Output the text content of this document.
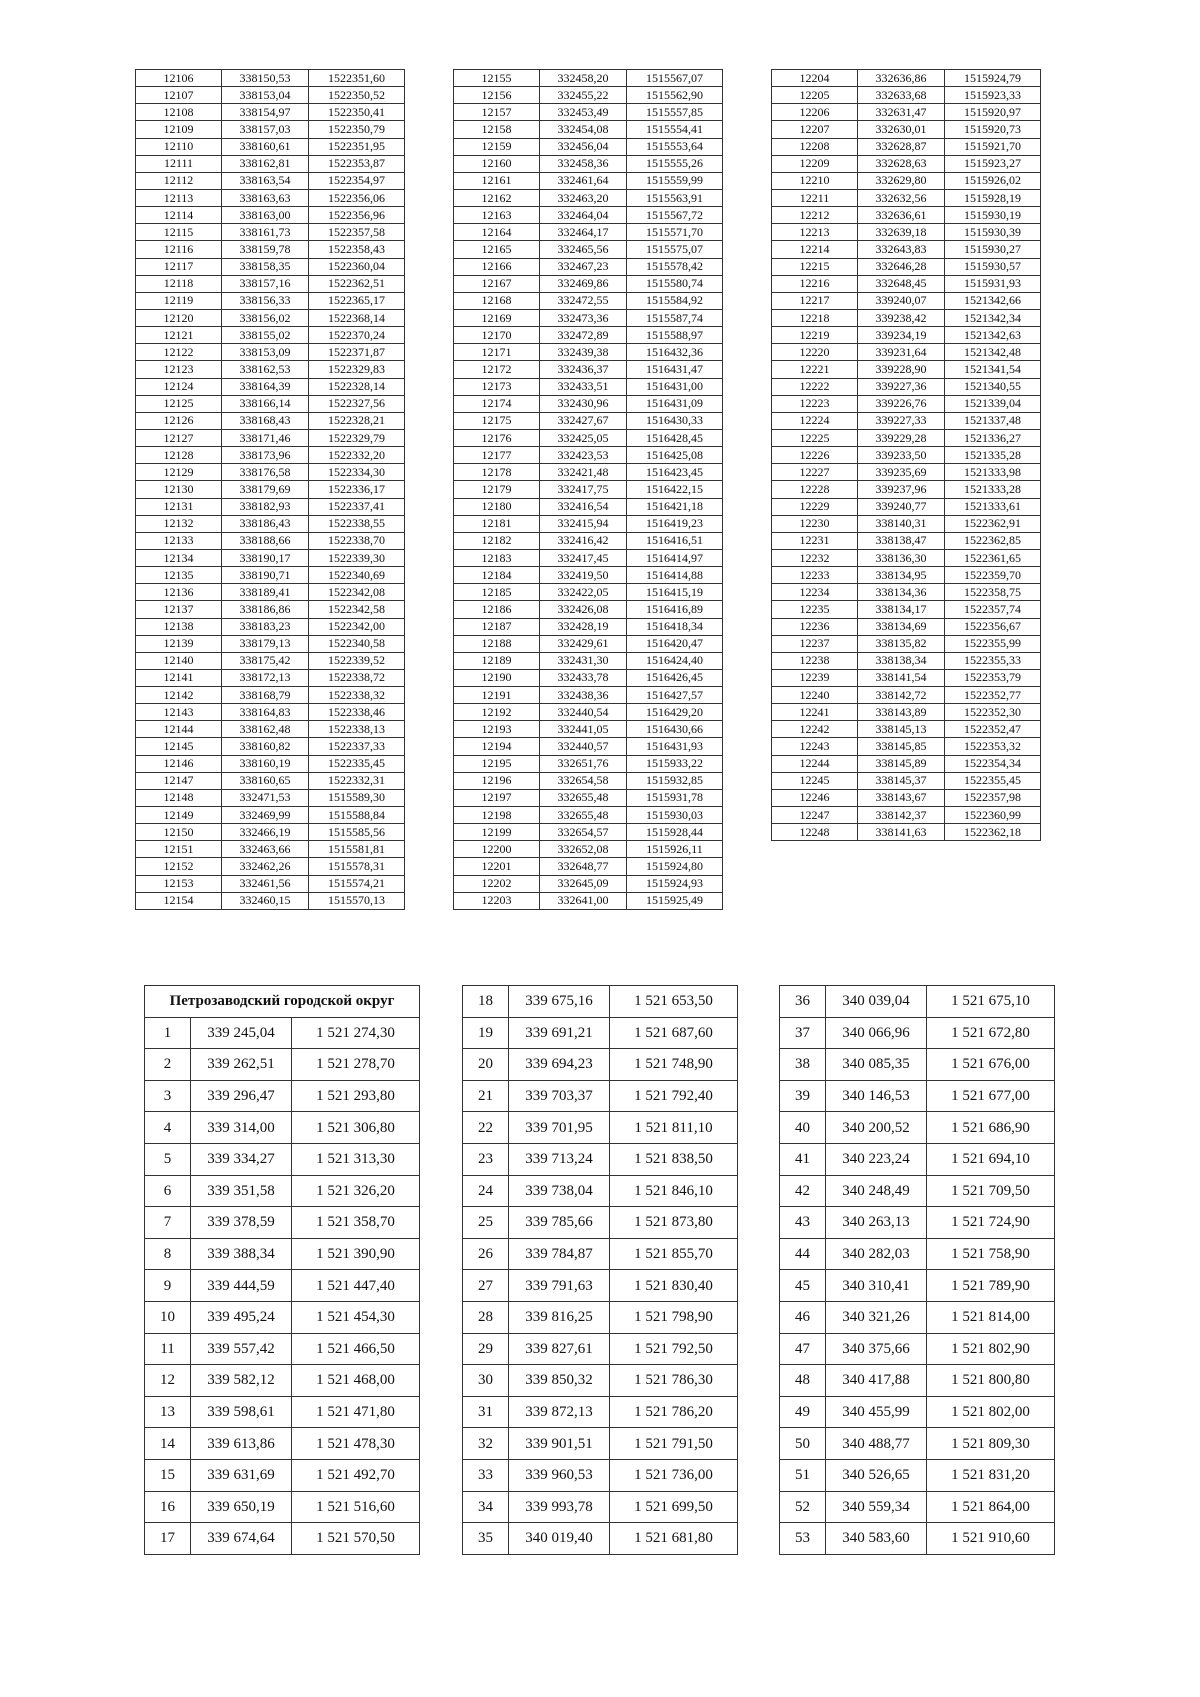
12106	338150,53	1522351,60
12107	338153,04	1522350,52
12108	338154,97	1522350,41
12109	338157,03	1522350,79
12110	338160,61	1522351,95
12111	338162,81	1522353,87
12112	338163,54	1522354,97
12113	338163,63	1522356,06
12114	338163,00	1522356,96
12115	338161,73	1522357,58
12116	338159,78	1522358,43
12117	338158,35	1522360,04
12118	338157,16	1522362,51
12119	338156,33	1522365,17
12120	338156,02	1522368,14
12121	338155,02	1522370,24
12122	338153,09	1522371,87
12123	338162,53	1522329,83
12124	338164,39	1522328,14
12125	338166,14	1522327,56
12126	338168,43	1522328,21
12127	338171,46	1522329,79
12128	338173,96	1522332,20
12129	338176,58	1522334,30
12130	338179,69	1522336,17
12131	338182,93	1522337,41
12132	338186,43	1522338,55
12133	338188,66	1522338,70
12134	338190,17	1522339,30
12135	338190,71	1522340,69
12136	338189,41	1522342,08
12137	338186,86	1522342,58
12138	338183,23	1522342,00
12139	338179,13	1522340,58
12140	338175,42	1522339,52
12141	338172,13	1522338,72
12142	338168,79	1522338,32
12143	338164,83	1522338,46
12144	338162,48	1522338,13
12145	338160,82	1522337,33
12146	338160,19	1522335,45
12147	338160,65	1522332,31
12148	332471,53	1515589,30
12149	332469,99	1515588,84
12150	332466,19	1515585,56
12151	332463,66	1515581,81
12152	332462,26	1515578,31
12153	332461,56	1515574,21
12154	332460,15	1515570,13
12155	332458,20	1515567,07
12156	332455,22	1515562,90
12157	332453,49	1515557,85
12158	332454,08	1515554,41
12159	332456,04	1515553,64
12160	332458,36	1515555,26
12161	332461,64	1515559,99
12162	332463,20	1515563,91
12163	332464,04	1515567,72
12164	332464,17	1515571,70
12165	332465,56	1515575,07
12166	332467,23	1515578,42
12167	332469,86	1515580,74
12168	332472,55	1515584,92
12169	332473,36	1515587,74
12170	332472,89	1515588,97
12171	332439,38	1516432,36
12172	332436,37	1516431,47
12173	332433,51	1516431,00
12174	332430,96	1516431,09
12175	332427,67	1516430,33
12176	332425,05	1516428,45
12177	332423,53	1516425,08
12178	332421,48	1516423,45
12179	332417,75	1516422,15
12180	332416,54	1516421,18
12181	332415,94	1516419,23
12182	332416,42	1516416,51
12183	332417,45	1516414,97
12184	332419,50	1516414,88
12185	332422,05	1516415,19
12186	332426,08	1516416,89
12187	332428,19	1516418,34
12188	332429,61	1516420,47
12189	332431,30	1516424,40
12190	332433,78	1516426,45
12191	332438,36	1516427,57
12192	332440,54	1516429,20
12193	332441,05	1516430,66
12194	332440,57	1516431,93
12195	332651,76	1515933,22
12196	332654,58	1515932,85
12197	332655,48	1515931,78
12198	332655,48	1515930,03
12199	332654,57	1515928,44
12200	332652,08	1515926,11
12201	332648,77	1515924,80
12202	332645,09	1515924,93
12203	332641,00	1515925,49
12204	332636,86	1515924,79
12205	332633,68	1515923,33
12206	332631,47	1515920,97
12207	332630,01	1515920,73
12208	332628,87	1515921,70
12209	332628,63	1515923,27
12210	332629,80	1515926,02
12211	332632,56	1515928,19
12212	332636,61	1515930,19
12213	332639,18	1515930,39
12214	332643,83	1515930,27
12215	332646,28	1515930,57
12216	332648,45	1515931,93
12217	339240,07	1521342,66
12218	339238,42	1521342,34
12219	339234,19	1521342,63
12220	339231,64	1521342,48
12221	339228,90	1521341,54
12222	339227,36	1521340,55
12223	339226,76	1521339,04
12224	339227,33	1521337,48
12225	339229,28	1521336,27
12226	339233,50	1521335,28
12227	339235,69	1521333,98
12228	339237,96	1521333,28
12229	339240,77	1521333,61
12230	338140,31	1522362,91
12231	338138,47	1522362,85
12232	338136,30	1522361,65
12233	338134,95	1522359,70
12234	338134,36	1522358,75
12235	338134,17	1522357,74
12236	338134,69	1522356,67
12237	338135,82	1522355,99
12238	338138,34	1522355,33
12239	338141,54	1522353,79
12240	338142,72	1522352,77
12241	338143,89	1522352,30
12242	338145,13	1522352,47
12243	338145,85	1522353,32
12244	338145,89	1522354,34
12245	338145,37	1522355,45
12246	338143,67	1522357,98
12247	338142,37	1522360,99
12248	338141,63	1522362,18
Петрозаводский городской округ		
1	339 245,04	1 521 274,30
2	339 262,51	1 521 278,70
3	339 296,47	1 521 293,80
4	339 314,00	1 521 306,80
5	339 334,27	1 521 313,30
6	339 351,58	1 521 326,20
7	339 378,59	1 521 358,70
8	339 388,34	1 521 390,90
9	339 444,59	1 521 447,40
10	339 495,24	1 521 454,30
11	339 557,42	1 521 466,50
12	339 582,12	1 521 468,00
13	339 598,61	1 521 471,80
14	339 613,86	1 521 478,30
15	339 631,69	1 521 492,70
16	339 650,19	1 521 516,60
17	339 674,64	1 521 570,50
18	339 675,16	1 521 653,50
19	339 691,21	1 521 687,60
20	339 694,23	1 521 748,90
21	339 703,37	1 521 792,40
22	339 701,95	1 521 811,10
23	339 713,24	1 521 838,50
24	339 738,04	1 521 846,10
25	339 785,66	1 521 873,80
26	339 784,87	1 521 855,70
27	339 791,63	1 521 830,40
28	339 816,25	1 521 798,90
29	339 827,61	1 521 792,50
30	339 850,32	1 521 786,30
31	339 872,13	1 521 786,20
32	339 901,51	1 521 791,50
33	339 960,53	1 521 736,00
34	339 993,78	1 521 699,50
35	340 019,40	1 521 681,80
36	340 039,04	1 521 675,10
37	340 066,96	1 521 672,80
38	340 085,35	1 521 676,00
39	340 146,53	1 521 677,00
40	340 200,52	1 521 686,90
41	340 223,24	1 521 694,10
42	340 248,49	1 521 709,50
43	340 263,13	1 521 724,90
44	340 282,03	1 521 758,90
45	340 310,41	1 521 789,90
46	340 321,26	1 521 814,00
47	340 375,66	1 521 802,90
48	340 417,88	1 521 800,80
49	340 455,99	1 521 802,00
50	340 488,77	1 521 809,30
51	340 526,65	1 521 831,20
52	340 559,34	1 521 864,00
53	340 583,60	1 521 910,60
